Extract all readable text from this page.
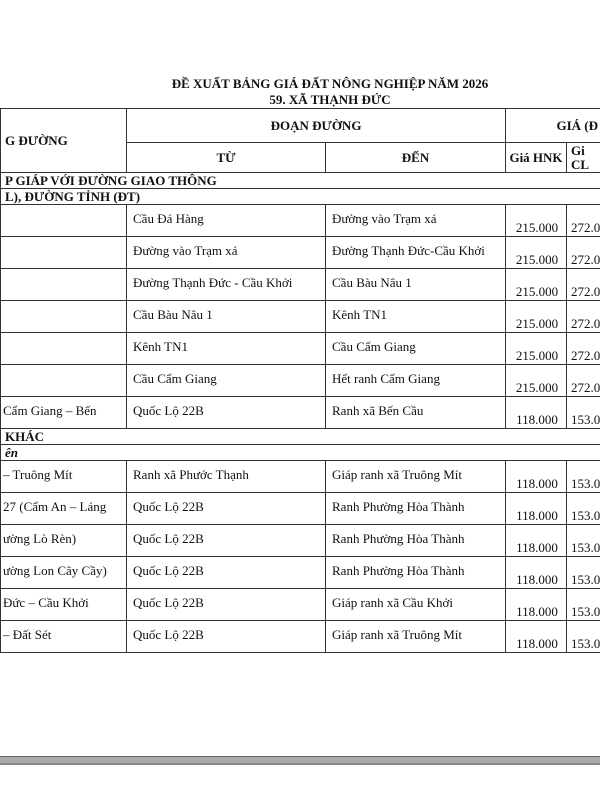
ĐỀ XUẤT BẢNG GIÁ ĐẤT NÔNG NGHIỆP NĂM 2026
59. XÃ THẠNH ĐỨC
G ĐƯỜNG	ĐOẠN ĐƯỜNG		GIÁ (Đ	
	TỪ	ĐẾN	Giá HNK	Gi CL
P GIÁP VỚI ĐƯỜNG GIAO THÔNG				
L), ĐƯỜNG TỈNH (ĐT)				
	Cầu Đá Hàng	Đường vào Trạm xá	215.000	272.0
	Đường vào Trạm xá	Đường Thạnh Đức-Cầu Khởi	215.000	272.0
	Đường Thạnh Đức - Cầu Khởi	Cầu Bàu Nâu 1	215.000	272.0
	Cầu Bàu Nâu 1	Kênh TN1	215.000	272.0
	Kênh TN1	Cầu Cẩm Giang	215.000	272.0
	Cầu Cẩm Giang	Hết ranh Cẩm Giang	215.000	272.0
Cẩm Giang – Bến	Quốc Lộ 22B	Ranh xã Bến Cầu	118.000	153.0
KHÁC				
ên				
– Truông Mít	Ranh xã Phước Thạnh	Giáp ranh xã Truông Mít	118.000	153.0
27 (Cẩm An – Láng	Quốc Lộ 22B	Ranh Phường Hòa Thành	118.000	153.0
ường Lò Rèn)	Quốc Lộ 22B	Ranh Phường Hòa Thành	118.000	153.0
ường Lon Cây Cầy)	Quốc Lộ 22B	Ranh Phường Hòa Thành	118.000	153.0
Đức – Cầu Khởi	Quốc Lộ 22B	Giáp ranh xã Cầu Khởi	118.000	153.0
– Đất Sét	Quốc Lộ 22B	Giáp ranh xã Truông Mít	118.000	153.0
